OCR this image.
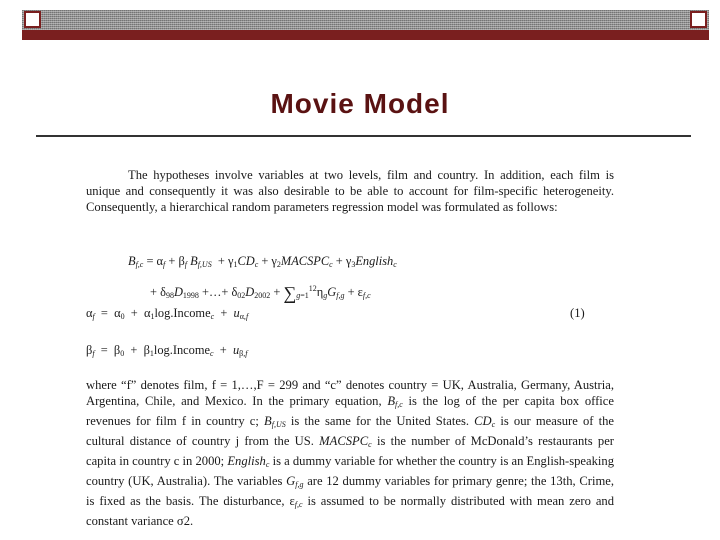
Movie Model
The hypotheses involve variables at two levels, film and country. In addition, each film is unique and consequently it was also desirable to be able to account for film-specific heterogeneity. Consequently, a hierarchical random parameters regression model was formulated as follows:
$B_{f,c} = \alpha_f + \beta_f$ $B_{f,US} + \gamma_1CD_c$ + $\gamma_2MACSPC_c$ + $\gamma_3English_c$
+ $\delta_{98}D_{1998}$ +…+ $\delta_{02}D_{2002} + \sum_{g=1}^{12}\eta_gG_{f,g} + \varepsilon_{f,c}$
$\alpha_f = \alpha_0$  +  $\alpha_1\log.Income_c + u_{\alpha,f}$	(1)
$\beta_f = \beta_0$  +  $\beta_1\log.Income_c + u_{\beta,f}$
where “f” denotes film, f = 1,…,F = 299 and “c” denotes country = UK, Australia, Germany, Austria, Argentina, Chile, and Mexico. In the primary equation, $B_{f,c}$ is the log of the per capita box office revenues for film f in country c; $B_{f,US}$ is the same for the United States. $CD_c$ is our measure of the cultural distance of country j from the US. $MACSPC_c$ is the number of McDonald’s restaurants per capita in country c in 2000; English$_c$ is a dummy variable for whether the country is an English-speaking country (UK, Australia). The variables $G_{f,g}$ are 12 dummy variables for primary genre; the 13th, Crime, is fixed as the basis. The disturbance, $\varepsilon_{f,c}$ is assumed to be normally distributed with mean zero and constant variance σ2.
